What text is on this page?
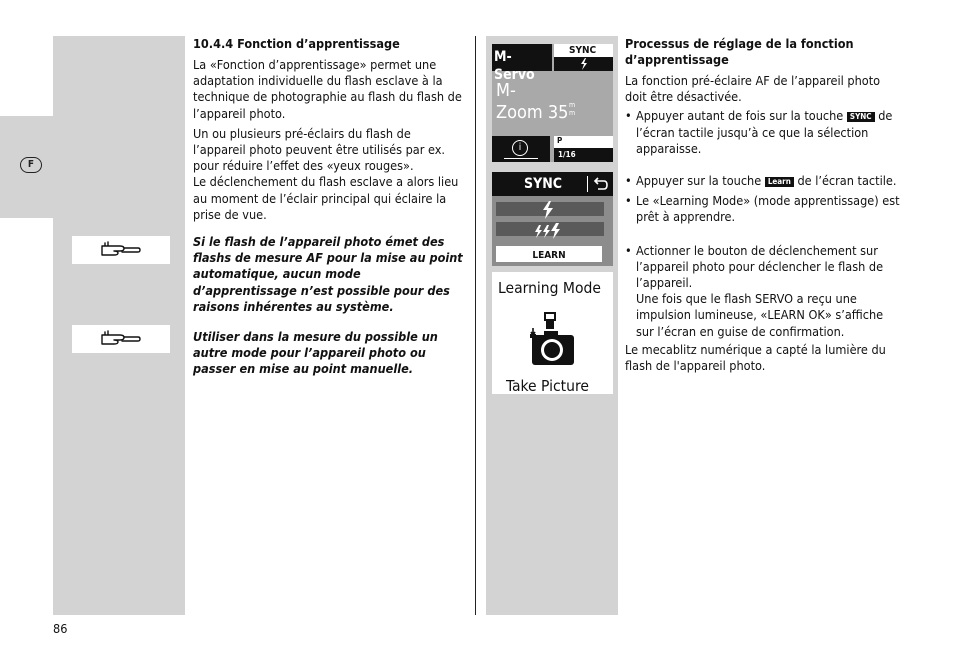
F
10.4.4 Fonction d’apprentissage

La «Fonction d’apprentissage» permet une adaptation individuelle du flash esclave à la technique de photographie au flash du flash de l’appareil photo.

Un ou plusieurs pré-éclairs du flash de l’appareil photo peuvent être utilisés par ex. pour réduire l’effet des «yeux rouges».

Le déclenchement du flash esclave a alors lieu au moment de l’éclair principal qui éclaire la prise de vue.

Si le flash de l’appareil photo émet des flashs de mesure AF pour la mise au point automatique, aucun mode d’apprentissage n’est possible pour des raisons inhérentes au système.

Utiliser dans la mesure du possible un autre mode pour l’appareil photo ou passer en mise au point manuelle.

M-Servo
SYNC
M-
Zoom 35 m
m
i
P
1/16
SYNC
LEARN
Learning Mode
Take Picture
Processus de réglage de la fonction d’apprentissage

La fonction pré-éclaire AF de l’appareil photo doit être désactivée.

• Appuyer autant de fois sur la touche SYNC de l’écran tactile jusqu’à ce que la sélection apparaisse.
• Appuyer sur la touche Learn de l’écran tactile.
• Le «Learning Mode» (mode apprentissage) est prêt à apprendre.
• Actionner le bouton de déclenchement sur l’appareil photo pour déclencher le flash de l’appareil.
Une fois que le flash SERVO a reçu une impulsion lumineuse, «LEARN OK» s’affiche sur l’écran en guise de confirmation.

Le mecablitz numérique a capté la lumière du flash de l'appareil photo.

86
